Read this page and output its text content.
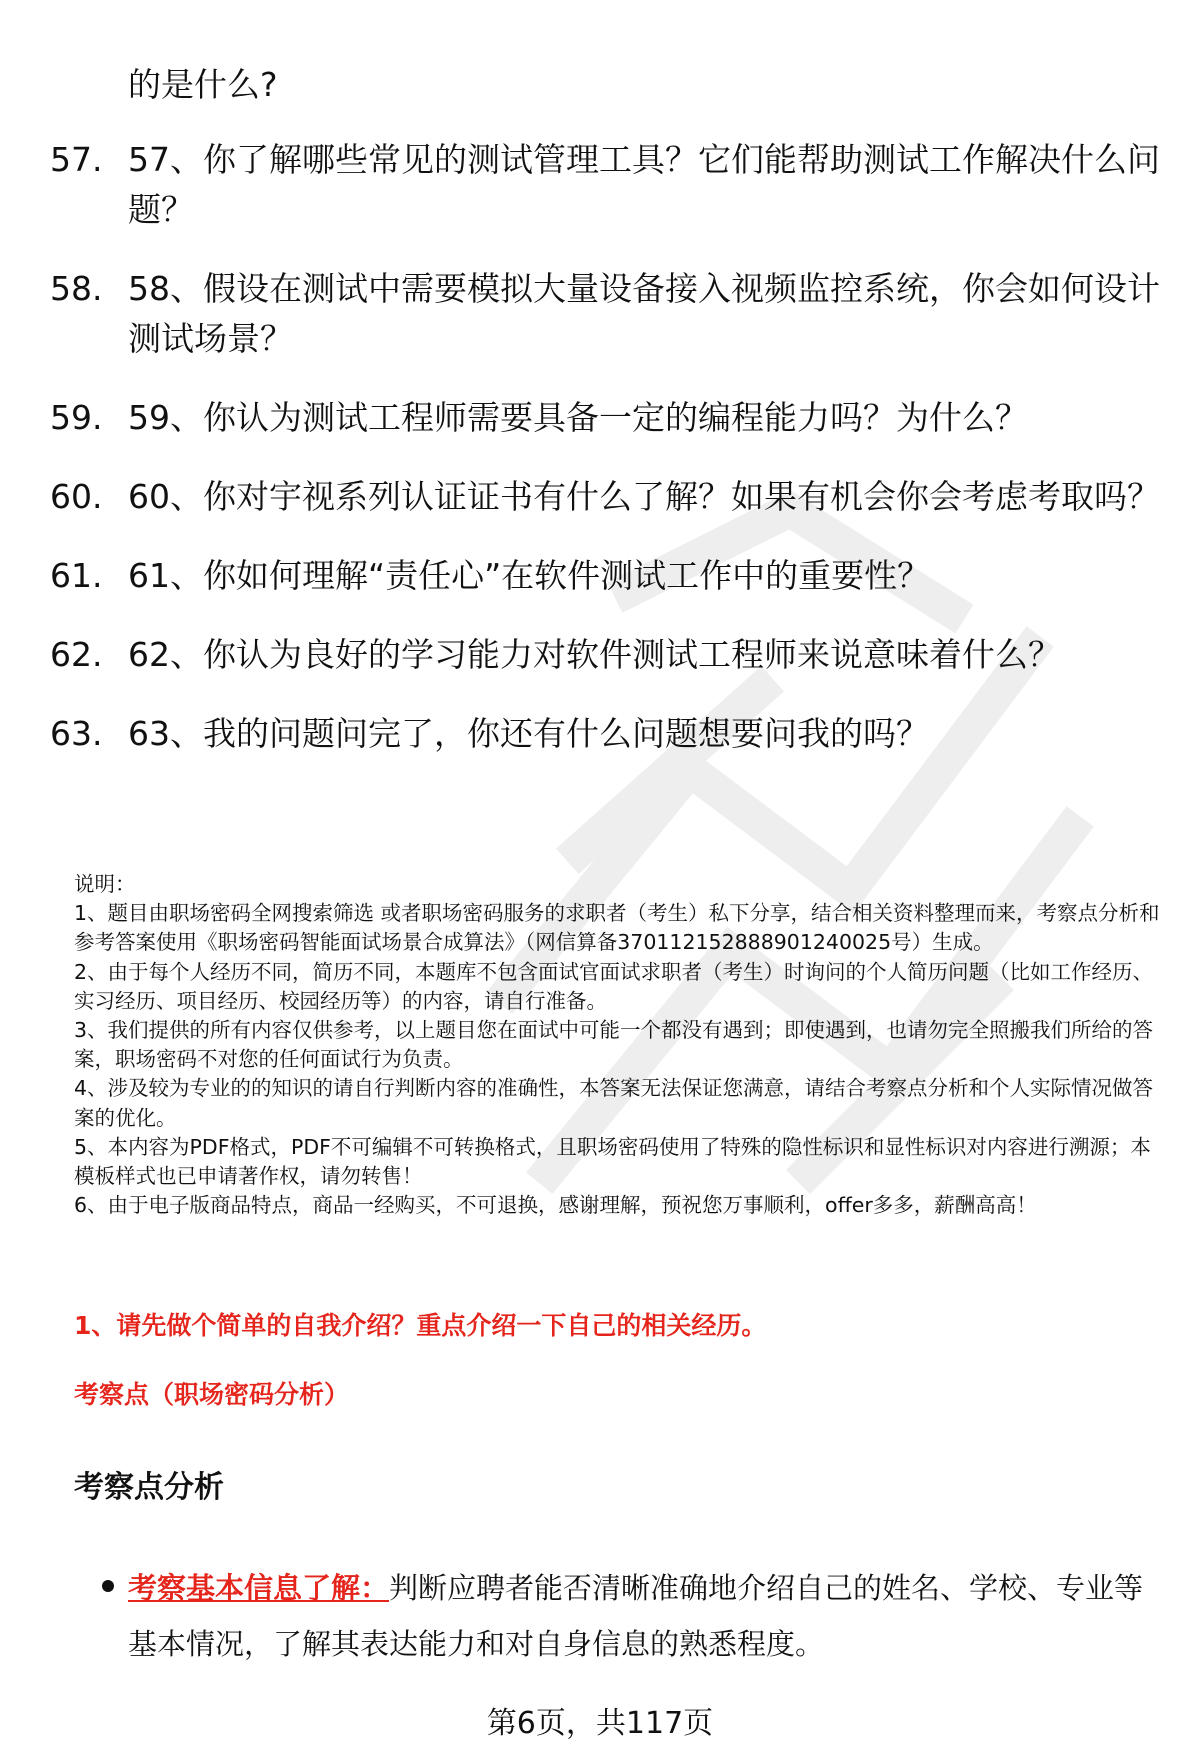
的是什么?
57. 57、你了解哪些常见的测试管理工具？它们能帮助测试工作解决什么问题？
58. 58、假设在测试中需要模拟大量设备接入视频监控系统，你会如何设计测试场景？
59. 59、你认为测试工程师需要具备一定的编程能力吗？为什么？
60. 60、你对宇视系列认证证书有什么了解？如果有机会你会考虑考取吗？
61. 61、你如何理解“责任心”在软件测试工作中的重要性？
62. 62、你认为良好的学习能力对软件测试工程师来说意味着什么？
63. 63、我的问题问完了，你还有什么问题想要问我的吗？

说明：

1、题目由职场密码全网搜索筛选 或者职场密码服务的求职者（考生）私下分享，结合相关资料整理而来，考察点分析和参考答案使用《职场密码智能面试场景合成算法》（网信算备370112152888901240025号）生成。

2、由于每个人经历不同，简历不同，本题库不包含面试官面试求职者（考生）时询问的个人简历问题（比如工作经历、实习经历、项目经历、校园经历等）的内容，请自行准备。

3、我们提供的所有内容仅供参考，以上题目您在面试中可能一个都没有遇到；即使遇到，也请勿完全照搬我们所给的答案，职场密码不对您的任何面试行为负责。

4、涉及较为专业的的知识的请自行判断内容的准确性，本答案无法保证您满意，请结合考察点分析和个人实际情况做答案的优化。

5、本内容为PDF格式，PDF不可编辑不可转换格式，且职场密码使用了特殊的隐性标识和显性标识对内容进行溯源；本模板样式也已申请著作权，请勿转售！

6、由于电子版商品特点，商品一经购买，不可退换，感谢理解，预祝您万事顺利，offer多多，薪酬高高！

1、请先做个简单的自我介绍？重点介绍一下自己的相关经历。
考察点（职场密码分析）
考察点分析
考察基本信息了解：判断应聘者能否清晰准确地介绍自己的姓名、学校、专业等基本情况，了解其表达能力和对自身信息的熟悉程度。
第6页，共117页
